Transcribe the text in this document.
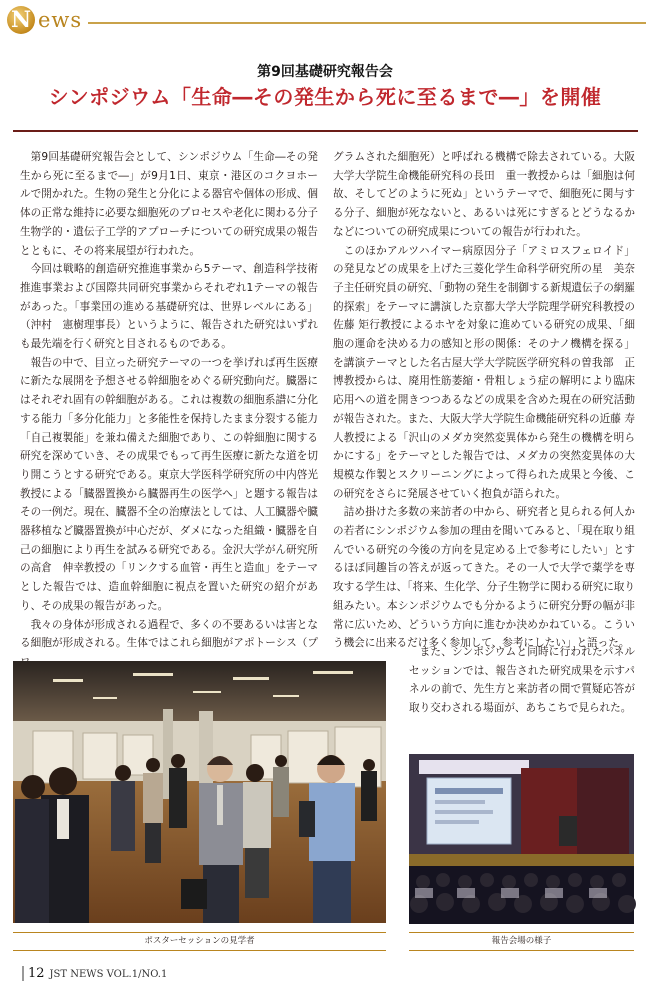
N ews
第9回基礎研究報告会
シンポジウム「生命―その発生から死に至るまで―」を開催

第9回基礎研究報告会として、シンポジウム「生命―その発生から死に至るまで―」が9月1日、東京・港区のコクヨホールで開かれた。生物の発生と分化による器官や個体の形成、個体の正常な維持に必要な細胞死のプロセスや老化に関わる分子生物学的・遺伝子工学的アプローチについての研究成果の報告とともに、その将来展望が行われた。

今回は戦略的創造研究推進事業から5テーマ、創造科学技術推進事業および国際共同研究事業からそれぞれ1テーマの報告があった。「事業団の進める基礎研究は、世界レベルにある」（沖村　憲樹理事長）というように、報告された研究はいずれも最先端を行く研究と目されるものである。

報告の中で、目立った研究テーマの一つを挙げれば再生医療に新たな展開を予想させる幹細胞をめぐる研究動向だ。臓器にはそれぞれ固有の幹細胞がある。これは複数の細胞系譜に分化する能力「多分化能力」と多能性を保持したまま分裂する能力「自己複製能」を兼ね備えた細胞であり、この幹細胞に関する研究を深めていき、その成果でもって再生医療に新たな道を切り開こうとする研究である。東京大学医科学研究所の中内啓光教授による「臓器置換から臓器再生の医学へ」と題する報告はその一例だ。現在、臓器不全の治療法としては、人工臓器や臓器移植など臓器置換が中心だが、ダメになった組織・臓器を自己の細胞により再生を試みる研究である。金沢大学がん研究所の高倉　伸幸教授の「リンクする血管・再生と造血」をテーマとした報告では、造血幹細胞に視点を置いた研究の紹介があり、その成果の報告があった。

我々の身体が形成される過程で、多くの不要あるいは害となる細胞が形成される。生体ではこれら細胞がアポトーシス（プ

グラムされた細胞死）と呼ばれる機構で除去されている。大阪大学大学院生命機能研究科の長田　重一教授からは「細胞は何故、そしてどのように死ぬ」というテーマで、細胞死に関与する分子、細胞が死なないと、あるいは死にすぎるとどうなるかなどについての研究成果についての報告が行われた。

このほかアルツハイマー病原因分子「アミロスフェロイド」の発見などの成果を上げた三菱化学生命科学研究所の星　美奈子主任研究員の研究、「動物の発生を制御する新規遺伝子の網羅的探索」をテーマに講演した京都大学大学院理学研究科教授の佐藤 矩行教授によるホヤを対象に進めている研究の成果、「細胞の運命を決める力の感知と形の関係：そのナノ機構を探る」を講演テーマとした名古屋大学大学院医学研究科の曽我部　正博教授からは、廃用性筋萎縮・骨粗しょう症の解明により臨床応用への道を開きつつあるなどの成果を含めた現在の研究活動が報告された。また、大阪大学大学院生命機能研究科の近藤 寿人教授による「沢山のメダカ突然変異体から発生の機構を明らかにする」をテーマとした報告では、メダカの突然変異体の大規模な作製とスクリーニングによって得られた成果と今後、この研究をさらに発展させていく抱負が語られた。

詰め掛けた多数の来訪者の中から、研究者と見られる何人かの若者にシンポジウム参加の理由を聞いてみると、「現在取り組んでいる研究の今後の方向を見定める上で参考にしたい」とするほぼ同趣旨の答えが返ってきた。その一人で大学で薬学を専攻する学生は、「将来、生化学、分子生物学に関わる研究に取り組みたい。本シンポジウムでも分かるように研究分野の幅が非常に広いため、どういう方向に進むか決めかねている。こういう機会に出来るだけ多く参加して、参考にしたい」と語った。

また、シンポジウムと同時に行われたパネルセッションでは、報告された研究成果を示すパネルの前で、先生方と来訪者の間で質疑応答が取り交わされる場面が、あちこちで見られた。

ポスターセッションの見学者	報告会場の様子
12 JST NEWS VOL.1/NO.1
